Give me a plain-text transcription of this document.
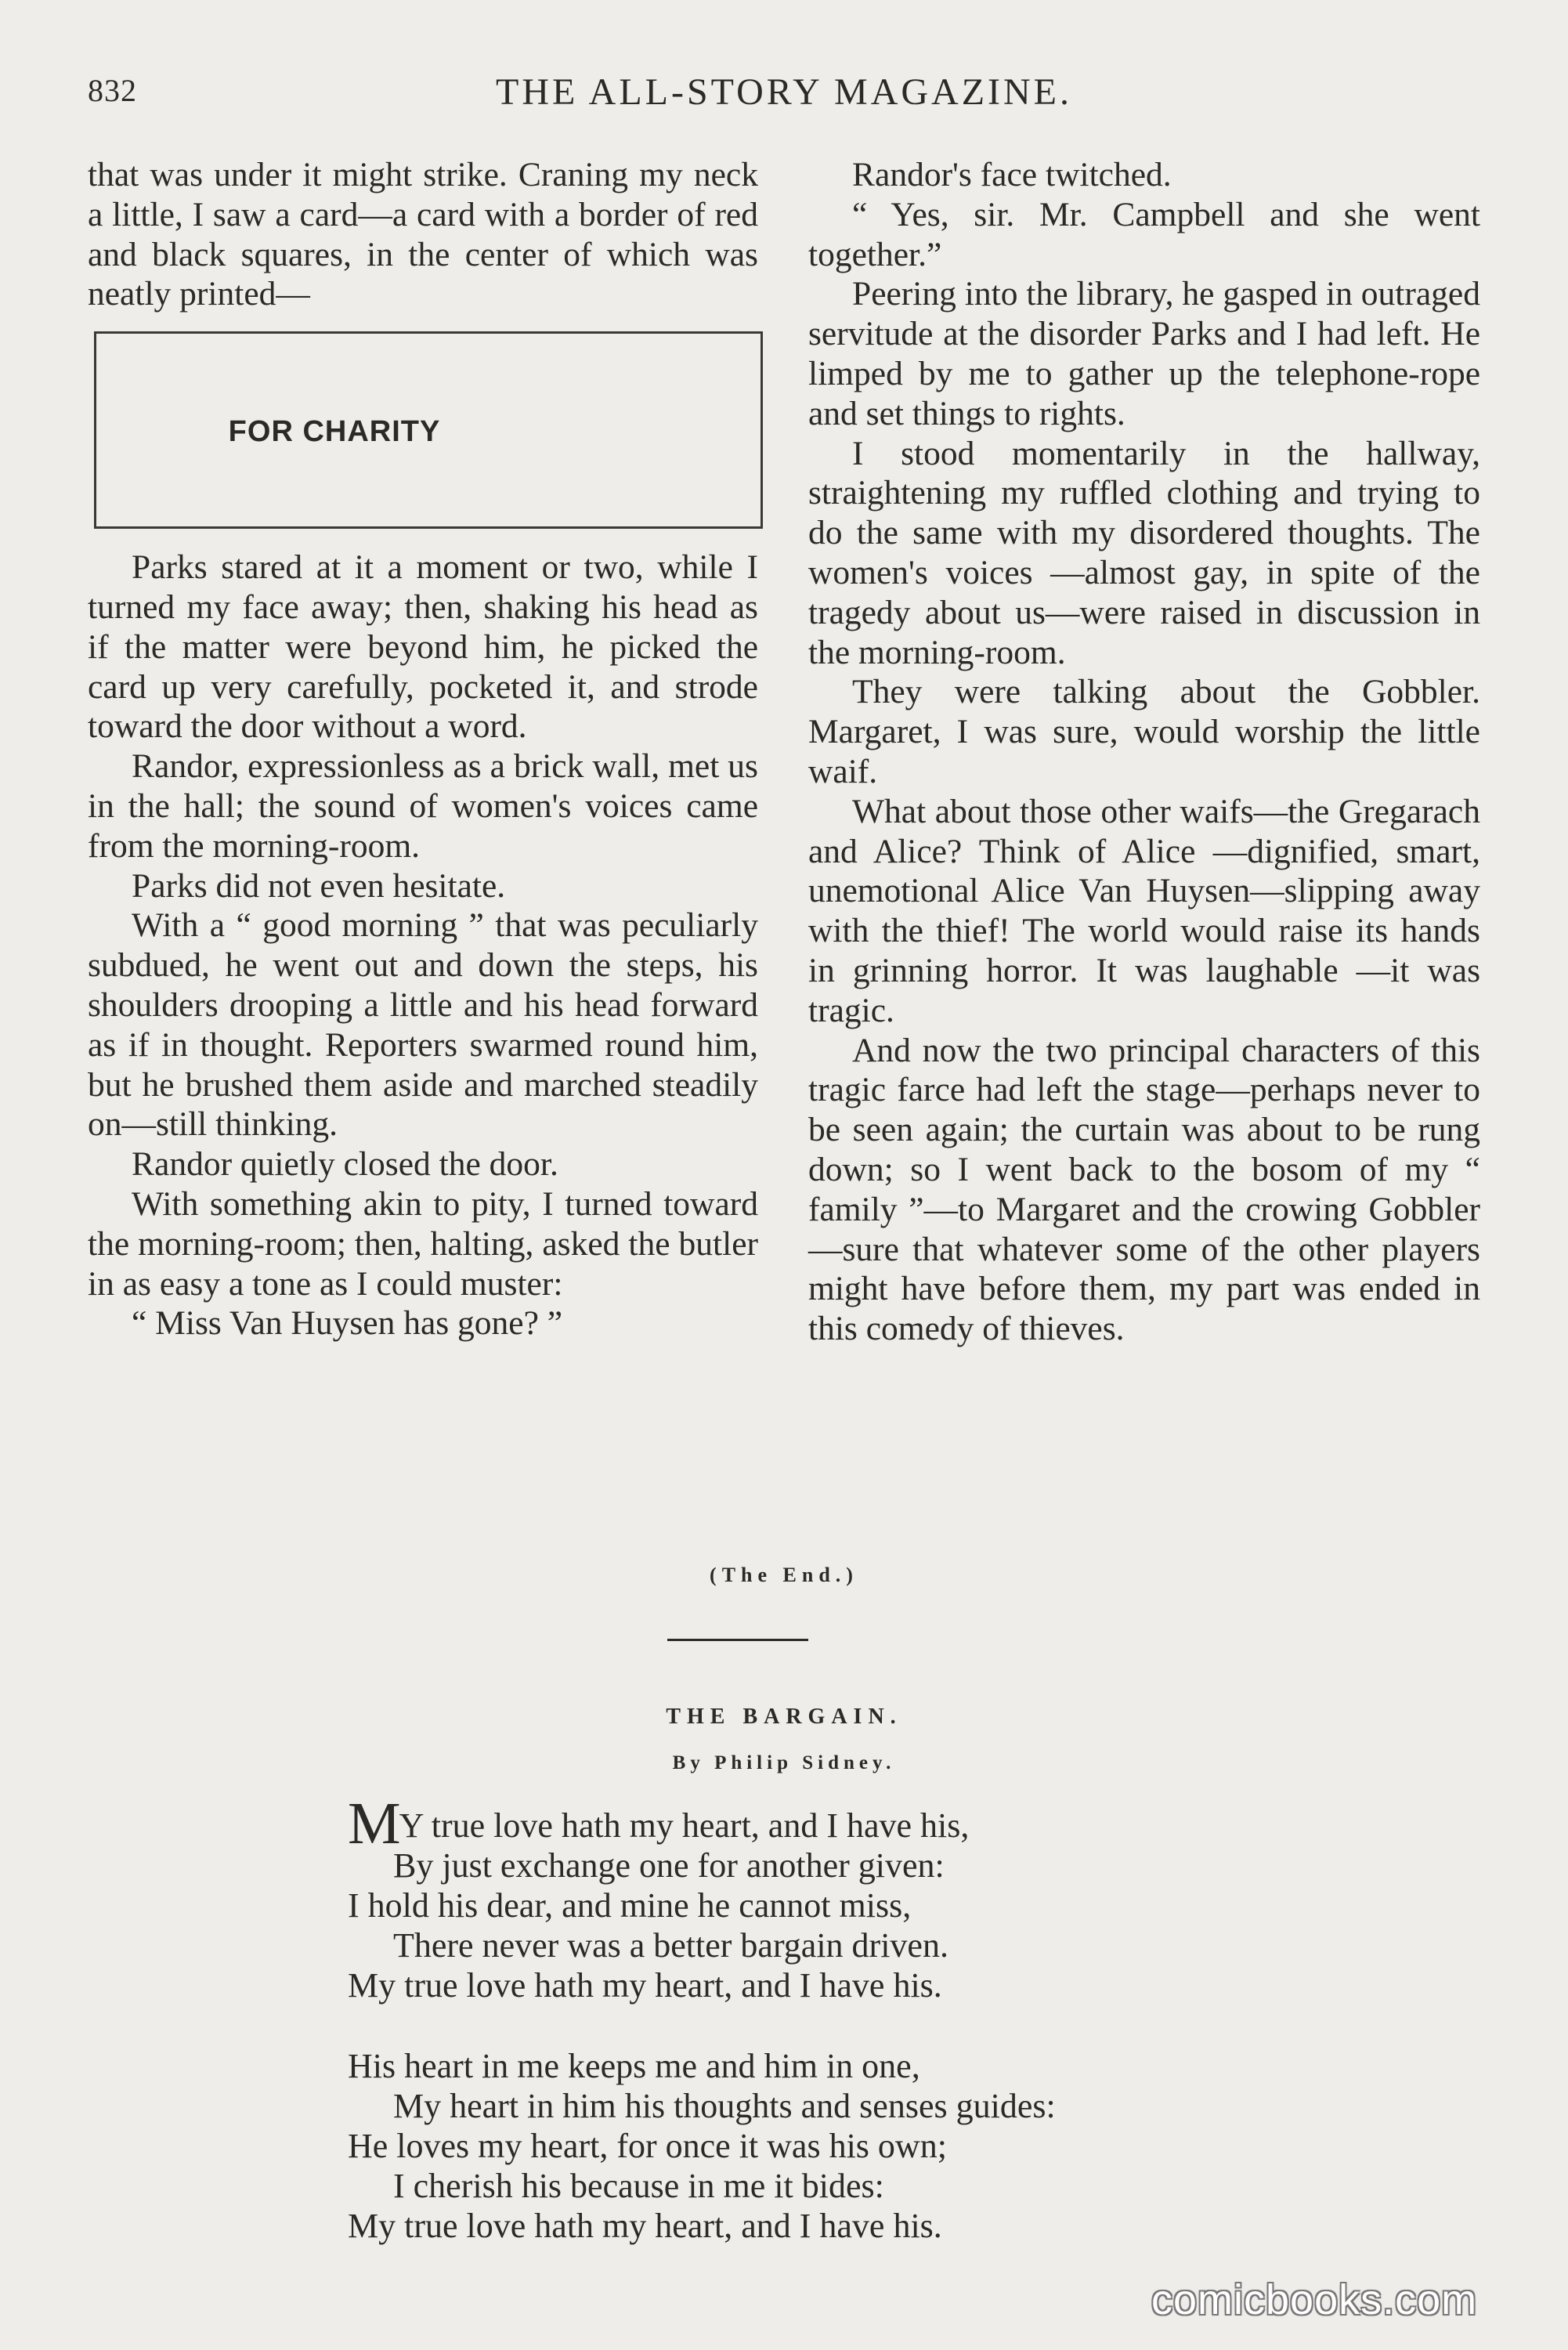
832	THE ALL-STORY MAGAZINE.

that was under it might strike. Craning my neck a little, I saw a card—a card with a border of red and black squares, in the center of which was neatly printed—

FOR CHARITY

Parks stared at it a moment or two, while I turned my face away; then, shaking his head as if the matter were beyond him, he picked the card up very carefully, pocketed it, and strode toward the door without a word.

Randor, expressionless as a brick wall, met us in the hall; the sound of women's voices came from the morning-room.

Parks did not even hesitate.

With a “ good morning ” that was peculiarly subdued, he went out and down the steps, his shoulders drooping a little and his head forward as if in thought. Reporters swarmed round him, but he brushed them aside and marched steadily on—still thinking.

Randor quietly closed the door.

With something akin to pity, I turned toward the morning-room; then, halting, asked the butler in as easy a tone as I could muster:

“ Miss Van Huysen has gone? ”

Randor's face twitched.

“ Yes, sir. Mr. Campbell and she went together.”

Peering into the library, he gasped in outraged servitude at the disorder Parks and I had left. He limped by me to gather up the telephone-rope and set things to rights.

I stood momentarily in the hallway, straightening my ruffled clothing and trying to do the same with my disordered thoughts. The women's voices —almost gay, in spite of the tragedy about us—were raised in discussion in the morning-room.

They were talking about the Gobbler. Margaret, I was sure, would worship the little waif.

What about those other waifs—the Gregarach and Alice? Think of Alice —dignified, smart, unemotional Alice Van Huysen—slipping away with the thief! The world would raise its hands in grinning horror. It was laughable —it was tragic.

And now the two principal characters of this tragic farce had left the stage—perhaps never to be seen again; the curtain was about to be rung down; so I went back to the bosom of my “ family ”—to Margaret and the crowing Gobbler—sure that whatever some of the other players might have before them, my part was ended in this comedy of thieves.

(The End.)
THE BARGAIN.
By Philip Sidney.
MY true love hath my heart, and I have his,
By just exchange one for another given:
I hold his dear, and mine he cannot miss,
There never was a better bargain driven.
My true love hath my heart, and I have his.
His heart in me keeps me and him in one,
My heart in him his thoughts and senses guides:
He loves my heart, for once it was his own;
I cherish his because in me it bides:
My true love hath my heart, and I have his.
comicbooks.com
